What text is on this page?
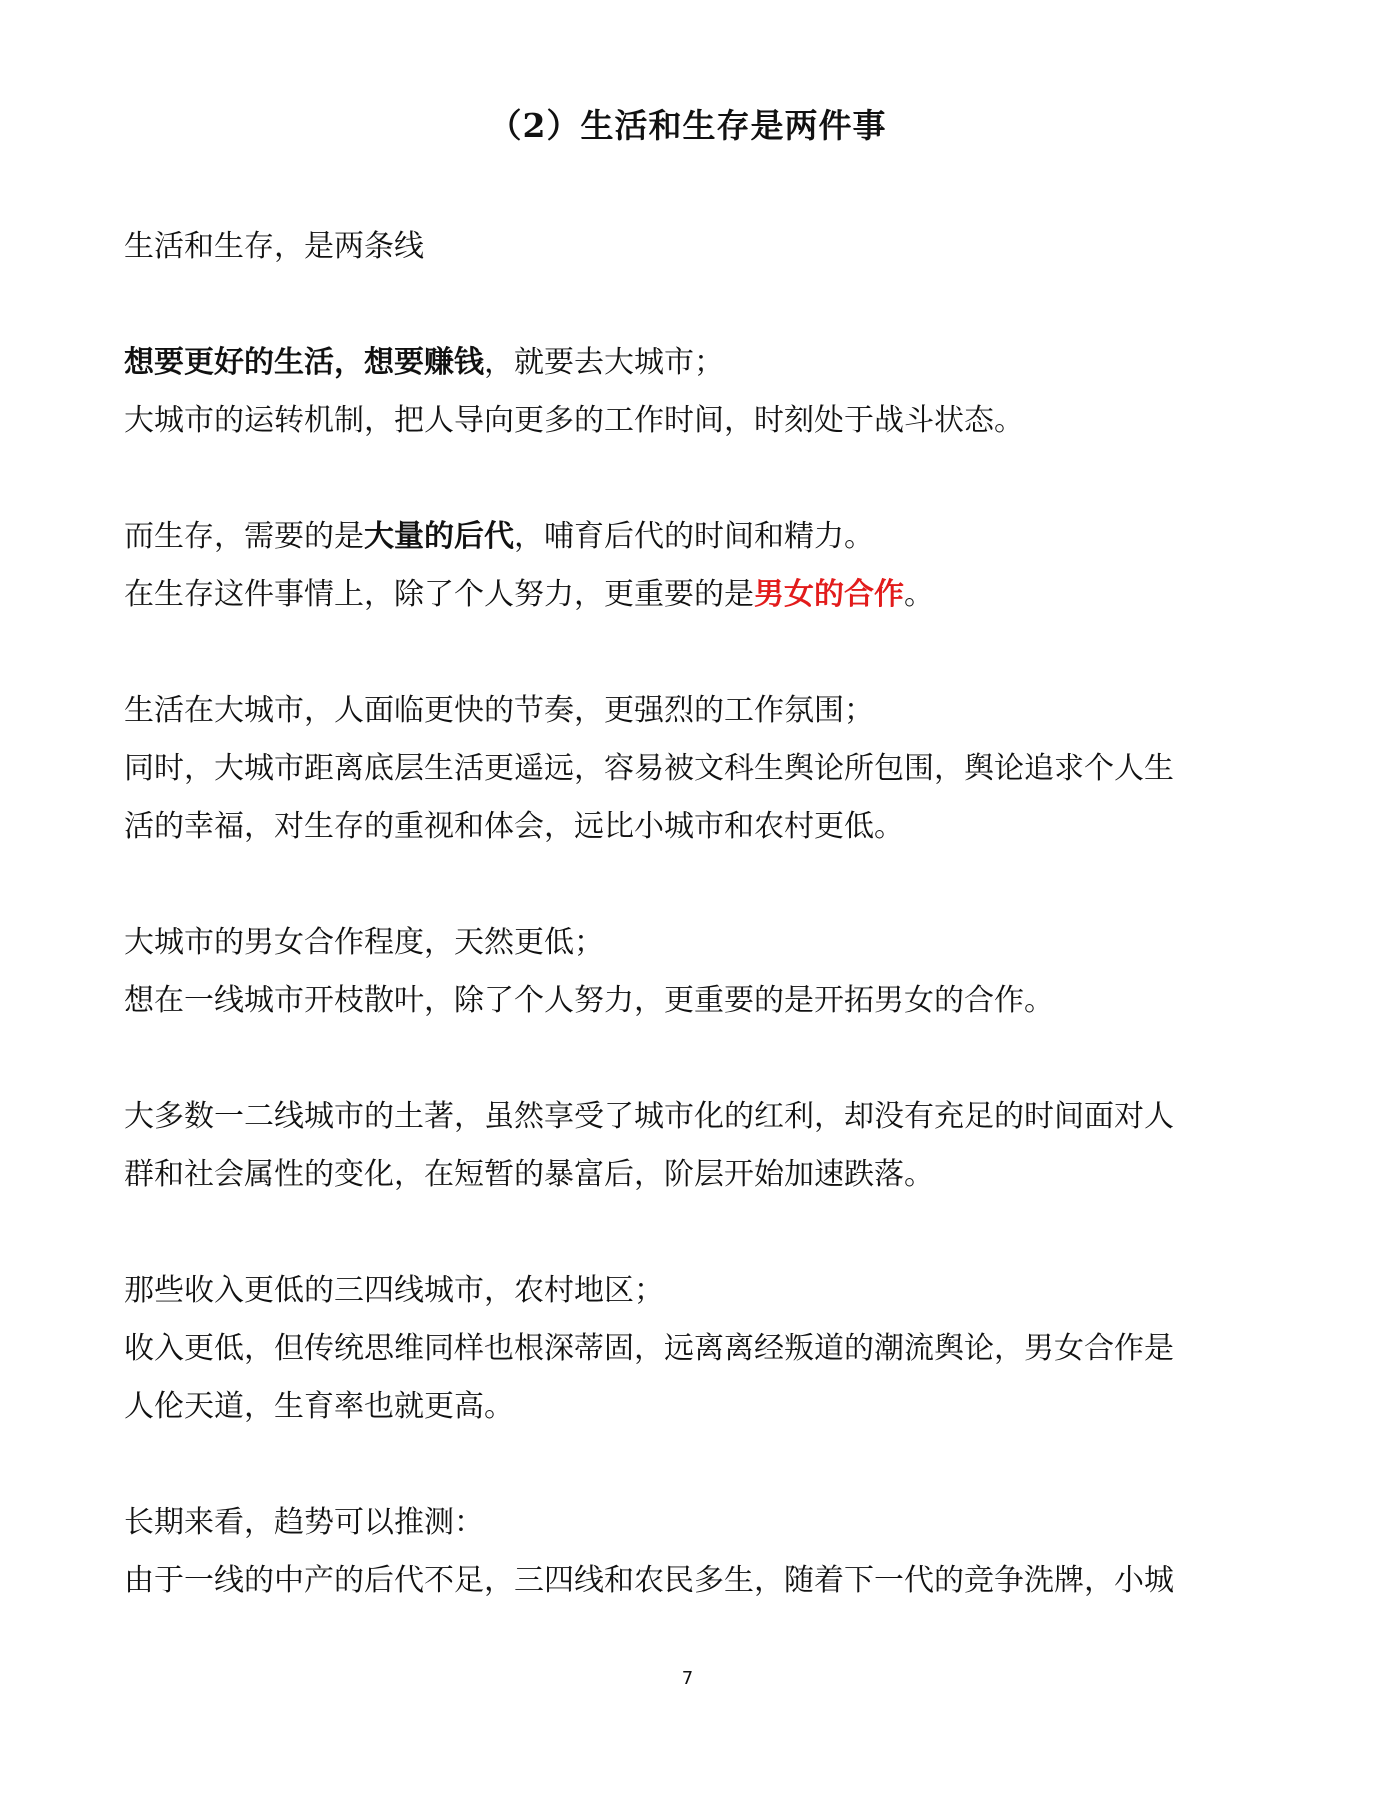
（2）生活和生存是两件事

生活和生存，是两条线

想要更好的生活，想要赚钱，就要去大城市；
大城市的运转机制，把人导向更多的工作时间，时刻处于战斗状态。

而生存，需要的是大量的后代，哺育后代的时间和精力。
在生存这件事情上，除了个人努力，更重要的是男女的合作。

生活在大城市，人面临更快的节奏，更强烈的工作氛围；
同时，大城市距离底层生活更遥远，容易被文科生舆论所包围，舆论追求个人生
活的幸福，对生存的重视和体会，远比小城市和农村更低。

大城市的男女合作程度，天然更低；
想在一线城市开枝散叶，除了个人努力，更重要的是开拓男女的合作。

大多数一二线城市的土著，虽然享受了城市化的红利，却没有充足的时间面对人
群和社会属性的变化，在短暂的暴富后，阶层开始加速跌落。

那些收入更低的三四线城市，农村地区；
收入更低，但传统思维同样也根深蒂固，远离离经叛道的潮流舆论，男女合作是
人伦天道，生育率也就更高。

长期来看，趋势可以推测：
由于一线的中产的后代不足，三四线和农民多生，随着下一代的竞争洗牌，小城

7
